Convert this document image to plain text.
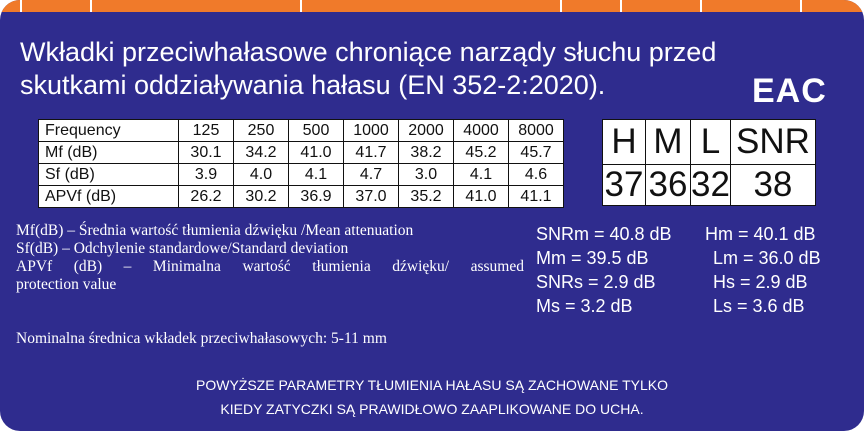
Wkładki przeciwhałasowe chroniące narządy słuchu przed
skutkami oddziaływania hałasu (EN 352-2:2020).	EAC
Frequency	125	250	500	1000	2000	4000	8000
Mf (dB)	30.1	34.2	41.0	41.7	38.2	45.2	45.7
Sf (dB)	3.9	4.0	4.1	4.7	3.0	4.1	4.6
APVf (dB)	26.2	30.2	36.9	37.0	35.2	41.0	41.1
H	M	L	SNR
37	36	32	38
Mf(dB) – Średnia wartość tłumienia dźwięku /Mean attenuation
Sf(dB) – Odchylenie standardowe/Standard deviation
APVf (dB) – Minimalna wartość tłumienia dźwięku/ assumed
protection value
SNRm = 40.8 dB
Mm = 39.5 dB
SNRs = 2.9 dB
Ms = 3.2 dB
Hm = 40.1 dB
Lm = 36.0 dB
Hs = 2.9 dB
Ls = 3.6 dB
Nominalna średnica wkładek przeciwhałasowych: 5-11 mm
POWYŻSZE PARAMETRY TŁUMIENIA HAŁASU SĄ ZACHOWANE TYLKO
KIEDY ZATYCZKI SĄ PRAWIDŁOWO ZAAPLIKOWANE DO UCHA.
